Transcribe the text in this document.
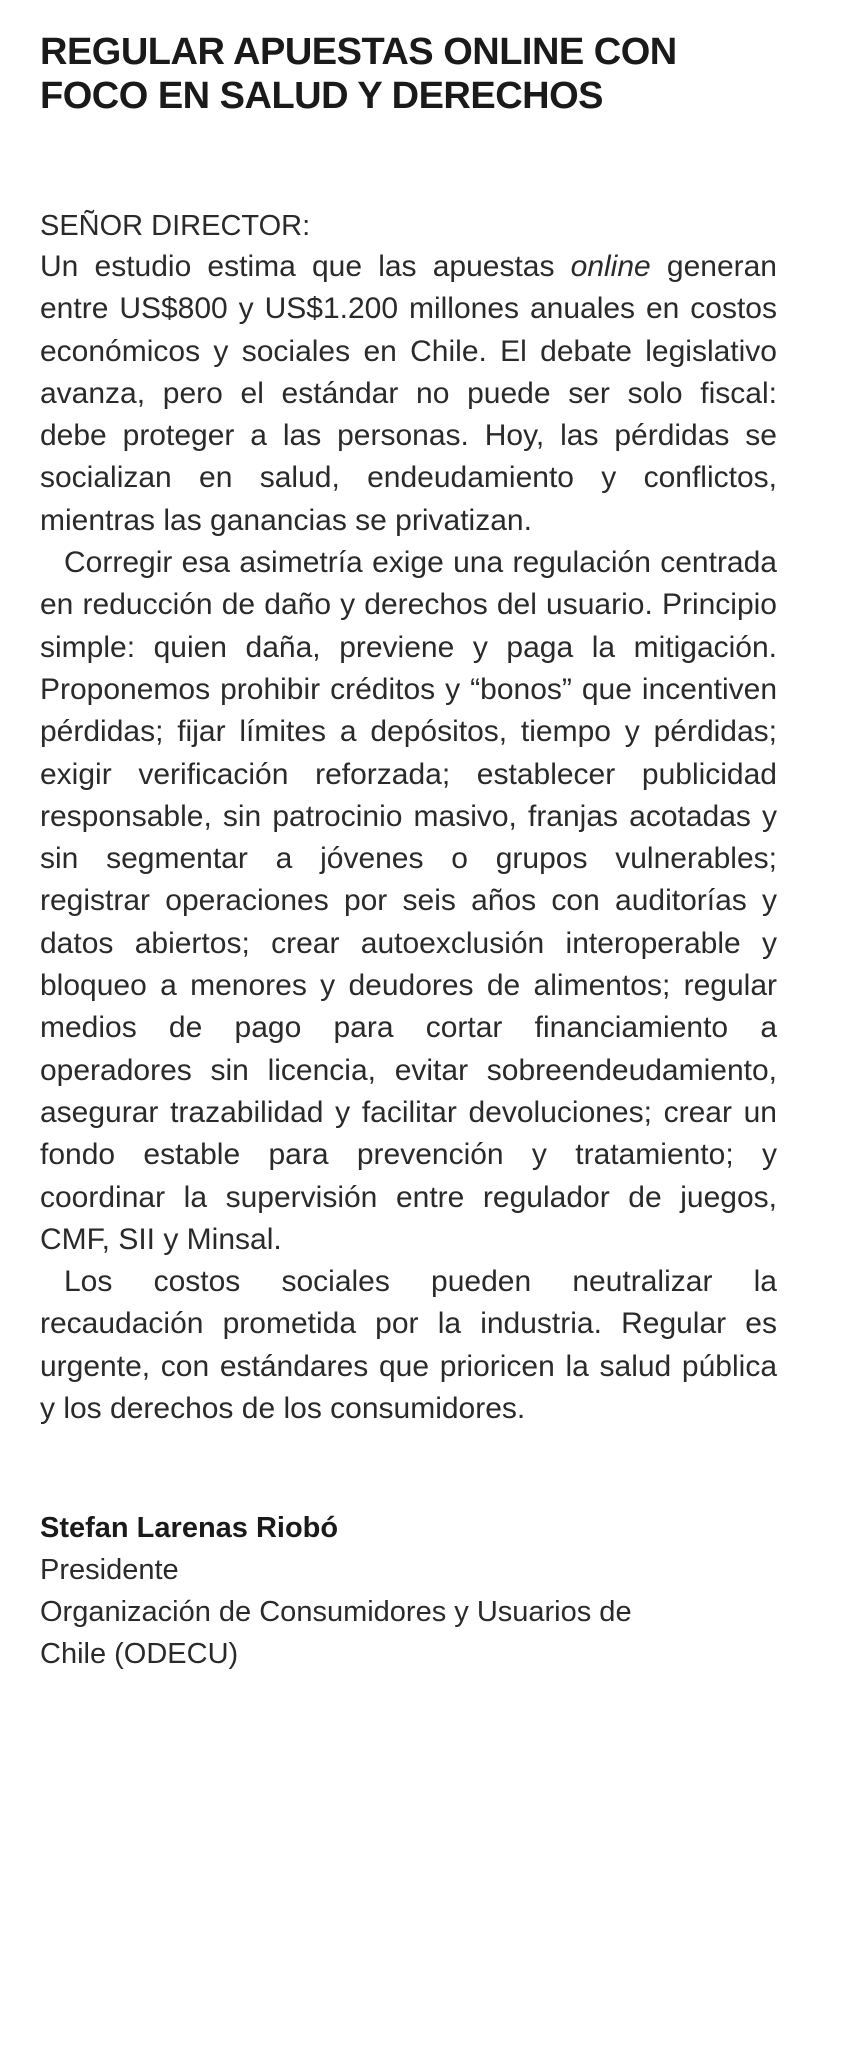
REGULAR APUESTAS ONLINE CON
FOCO EN SALUD Y DERECHOS
SEÑOR DIRECTOR:

Un estudio estima que las apuestas online generan entre US$800 y US$1.200 millones anuales en costos económicos y sociales en Chile. El debate legislativo avanza, pero el estándar no puede ser solo fiscal: debe proteger a las personas. Hoy, las pérdidas se socializan en salud, endeudamiento y conflictos, mientras las ganancias se privatizan.

Corregir esa asimetría exige una regulación centrada en reducción de daño y derechos del usuario. Principio simple: quien daña, previene y paga la mitigación. Proponemos prohibir créditos y “bonos” que incentiven pérdidas; fijar límites a depósitos, tiempo y pérdidas; exigir verificación reforzada; establecer publicidad responsable, sin patrocinio masivo, franjas acotadas y sin segmentar a jóvenes o grupos vulnerables; registrar operaciones por seis años con auditorías y datos abiertos; crear autoexclusión interoperable y bloqueo a menores y deudores de alimentos; regular medios de pago para cortar financiamiento a operadores sin licencia, evitar sobreendeudamiento, asegurar trazabilidad y facilitar devoluciones; crear un fondo estable para prevención y tratamiento; y coordinar la supervisión entre regulador de juegos, CMF, SII y Minsal.

Los costos sociales pueden neutralizar la recaudación prometida por la industria. Regular es urgente, con estándares que prioricen la salud pública y los derechos de los consumidores.

Stefan Larenas Riobó
Presidente
Organización de Consumidores y Usuarios de
Chile (ODECU)
